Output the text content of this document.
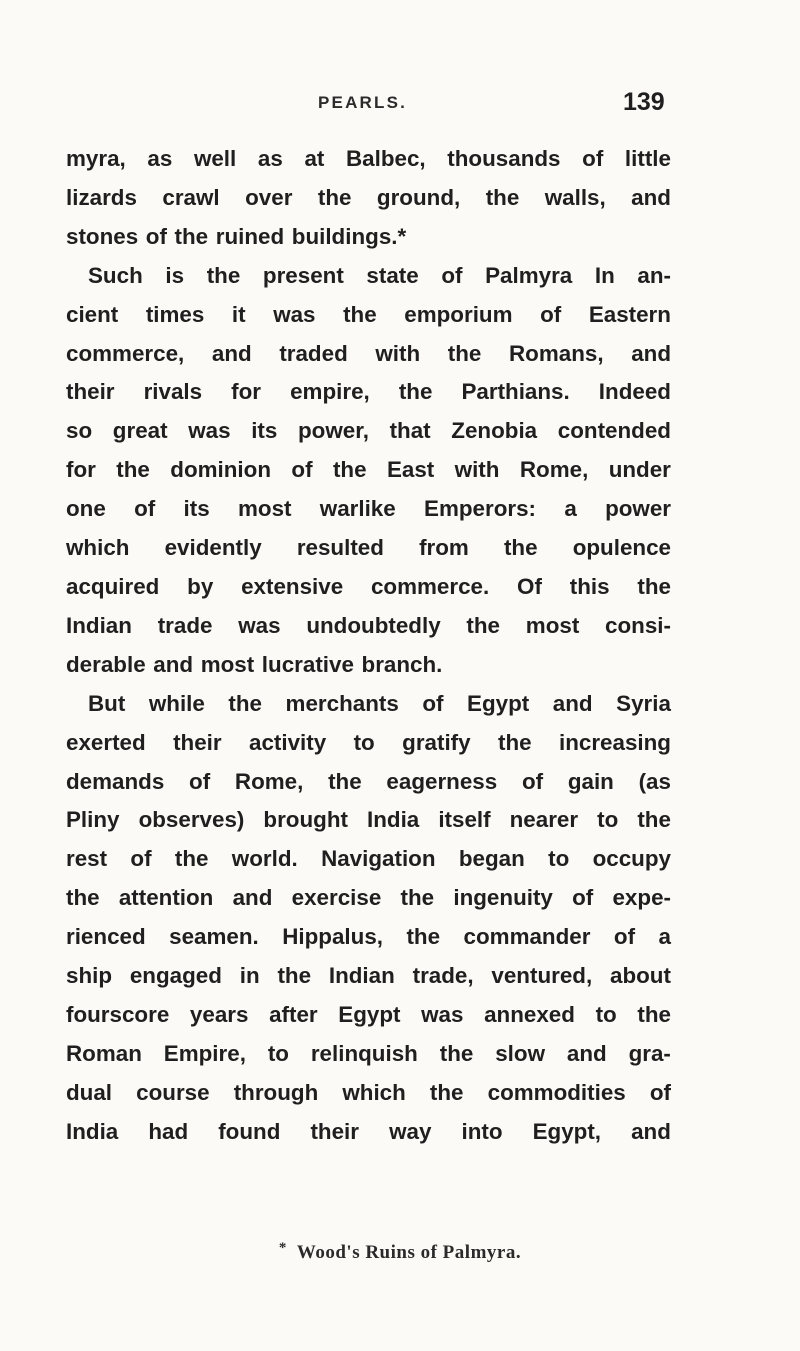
PEARLS.	139
myra, as well as at Balbec, thousands of little
lizards crawl over the ground, the walls, and
stones of the ruined buildings.*
Such is the present state of Palmyra In an-
cient times it was the emporium of Eastern
commerce, and traded with the Romans, and
their rivals for empire, the Parthians. Indeed
so great was its power, that Zenobia contended
for the dominion of the East with Rome, under
one of its most warlike Emperors: a power
which evidently resulted from the opulence
acquired by extensive commerce. Of this the
Indian trade was undoubtedly the most consi-
derable and most lucrative branch.
But while the merchants of Egypt and Syria
exerted their activity to gratify the increasing
demands of Rome, the eagerness of gain (as
Pliny observes) brought India itself nearer to the
rest of the world. Navigation began to occupy
the attention and exercise the ingenuity of expe-
rienced seamen. Hippalus, the commander of a
ship engaged in the Indian trade, ventured, about
fourscore years after Egypt was annexed to the
Roman Empire, to relinquish the slow and gra-
dual course through which the commodities of
India had found their way into Egypt, and
* Wood's Ruins of Palmyra.
